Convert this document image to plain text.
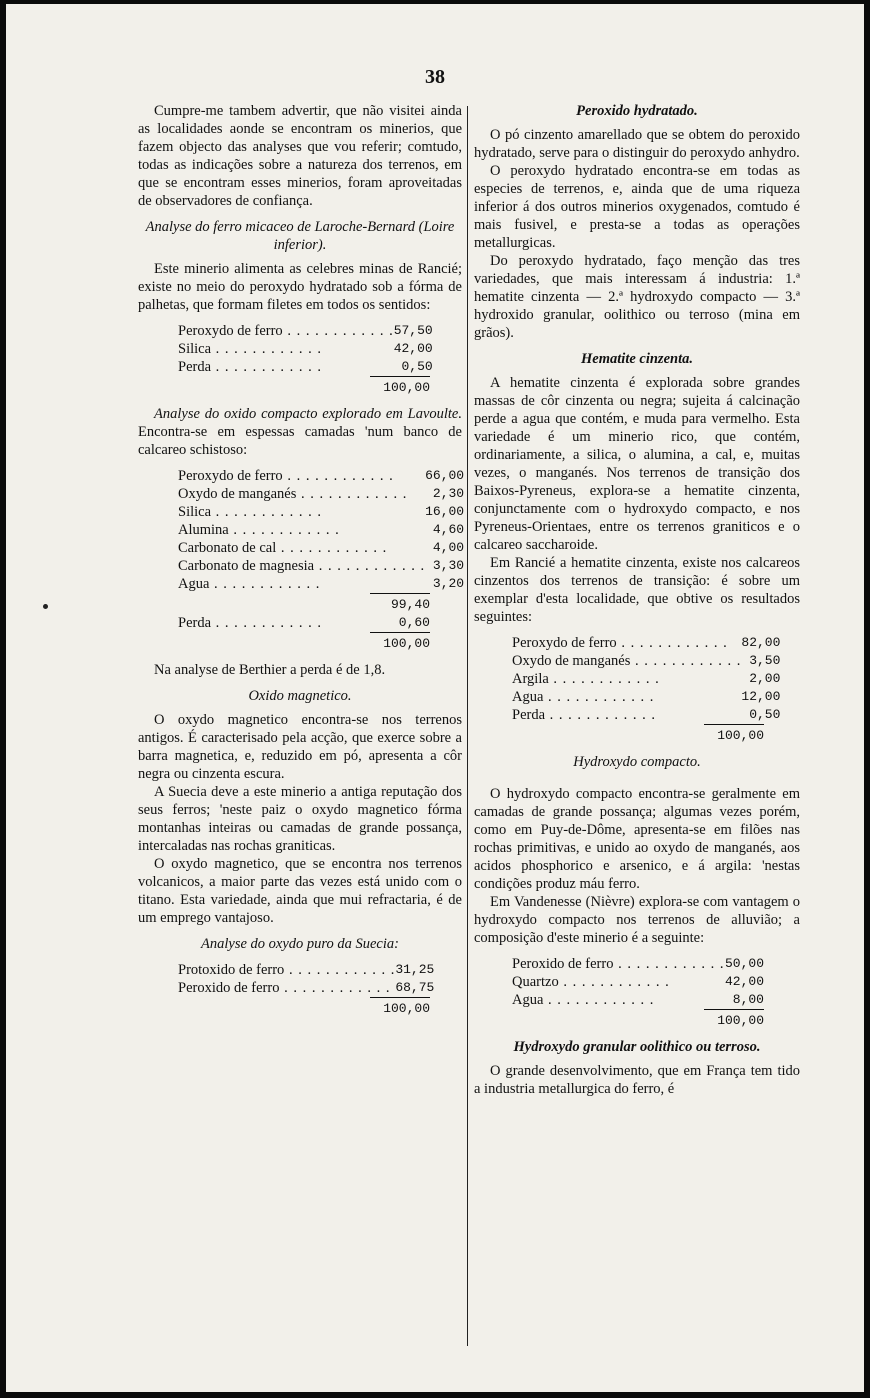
38

Cumpre-me tambem advertir, que não visitei ainda as localidades aonde se encontram os minerios, que fazem objecto das analyses que vou referir; comtudo, todas as indicações sobre a natureza dos terrenos, em que se encontram esses minerios, foram aproveitadas de observadores de confiança.

Analyse do ferro micaceo de Laroche-Bernard (Loire inferior).

Este minerio alimenta as celebres minas de Rancié; existe no meio do peroxydo hydratado sob a fórma de palhetas, que formam filetes em todos os sentidos:

Peroxydo de ferro . . .	57,50
Silica . . .	42,00
Perda . . .	0,50
100,00

Analyse do oxido compacto explorado em Lavoulte. Encontra-se em espessas camadas 'num banco de calcareo schistoso:

Peroxydo de ferro . . .	66,00
Oxydo de manganés . . .	2,30
Silica . . .	16,00
Alumina . . .	4,60
Carbonato de cal . . .	4,00
Carbonato de magnesia . . .	3,30
Agua . . .	3,20
99,40
Perda . . .	0,60
100,00

Na analyse de Berthier a perda é de 1,8.

Oxido magnetico.

O oxydo magnetico encontra-se nos terrenos antigos. É caracterisado pela acção, que exerce sobre a barra magnetica, e, reduzido em pó, apresenta a côr negra ou cinzenta escura.

A Suecia deve a este minerio a antiga reputação dos seus ferros; 'neste paiz o oxydo magnetico fórma montanhas inteiras ou camadas de grande possança, intercaladas nas rochas graniticas.

O oxydo magnetico, que se encontra nos terrenos volcanicos, a maior parte das vezes está unido com o titano. Esta variedade, ainda que mui refractaria, é de um emprego vantajoso.

Analyse do oxydo puro da Suecia:
Protoxido de ferro . . .	31,25
Peroxido de ferro . . .	68,75
100,00
Peroxido hydratado.

O pó cinzento amarellado que se obtem do peroxido hydratado, serve para o distinguir do peroxydo anhydro.

O peroxydo hydratado encontra-se em todas as especies de terrenos, e, ainda que de uma riqueza inferior á dos outros minerios oxygenados, comtudo é mais fusivel, e presta-se a todas as operações metallurgicas.

Do peroxydo hydratado, faço menção das tres variedades, que mais interessam á industria: 1.ª hematite cinzenta — 2.ª hydroxydo compacto — 3.ª hydroxido granular, oolithico ou terroso (mina em grãos).

Hematite cinzenta.

A hematite cinzenta é explorada sobre grandes massas de côr cinzenta ou negra; sujeita á calcinação perde a agua que contém, e muda para vermelho. Esta variedade é um minerio rico, que contém, ordinariamente, a silica, o alumina, a cal, e, muitas vezes, o manganés. Nos terrenos de transição dos Baixos-Pyreneus, explora-se a hematite cinzenta, conjunctamente com o hydroxydo compacto, e nos Pyreneus-Orientaes, entre os terrenos graniticos e o calcareo saccharoide.

Em Rancié a hematite cinzenta, existe nos calcareos cinzentos dos terrenos de transição: é sobre um exemplar d'esta localidade, que obtive os resultados seguintes:

Peroxydo de ferro . . .	82,00
Oxydo de manganés . . .	3,50
Argila . . .	2,00
Agua . . .	12,00
Perda . . .	0,50
100,00
Hydroxydo compacto.

O hydroxydo compacto encontra-se geralmente em camadas de grande possança; algumas vezes porém, como em Puy-de-Dôme, apresenta-se em filões nas rochas primitivas, e unido ao oxydo de manganés, aos acidos phosphorico e arsenico, e á argila: 'nestas condições produz máu ferro.

Em Vandenesse (Nièvre) explora-se com vantagem o hydroxydo compacto nos terrenos de alluvião; a composição d'este minerio é a seguinte:

Peroxido de ferro . . .	50,00
Quartzo . . .	42,00
Agua . . .	8,00
100,00
Hydroxydo granular oolithico ou terroso.

O grande desenvolvimento, que em França tem tido a industria metallurgica do ferro, é
